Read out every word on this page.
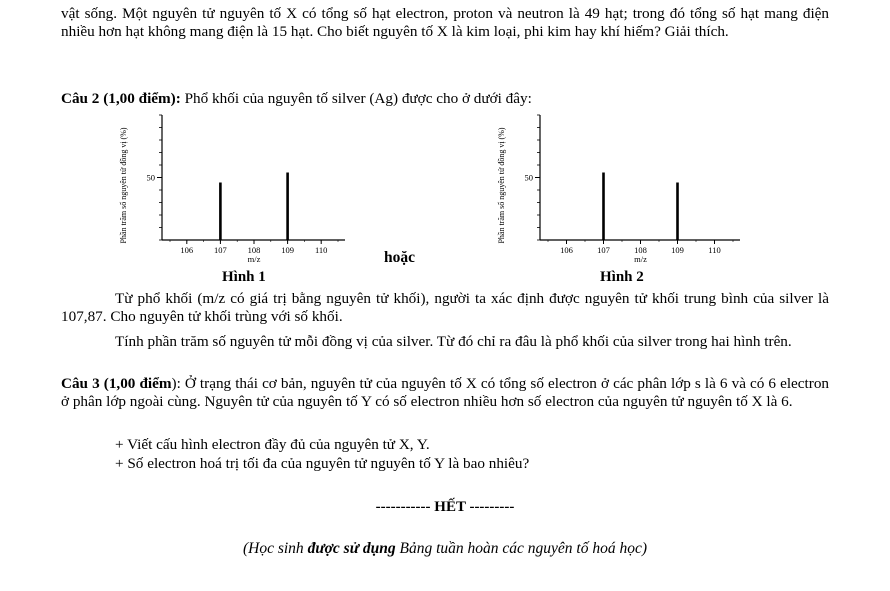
vật sống. Một nguyên tử nguyên tố X có tổng số hạt electron, proton và neutron là 49 hạt; trong đó tổng số hạt mang điện nhiều hơn hạt không mang điện là 15 hạt. Cho biết nguyên tố X là kim loại, phi kim hay khí hiếm? Giải thích.
Câu 2 (1,00 điểm): Phổ khối của nguyên tố silver (Ag) được cho ở dưới đây:
Phần trăm số nguyên tử đồng vị (%) 50
106 107 108 109 110
m/z
Hình 1
hoặc
Phần trăm số nguyên tử đồng vị (%) 50
106	107	108	109	110
m/z
Hình 2
Từ phổ khối (m/z có giá trị bằng nguyên tử khối), người ta xác định được nguyên tử khối trung bình của silver là 107,87. Cho nguyên tử khối trùng với số khối.
Tính phần trăm số nguyên tử mỗi đồng vị của silver. Từ đó chỉ ra đâu là phổ khối của silver trong hai hình trên.
Câu 3 (1,00 điểm): Ở trạng thái cơ bản, nguyên tử của nguyên tố X có tổng số electron ở các phân lớp s là 6 và có 6 electron ở phân lớp ngoài cùng. Nguyên tử của nguyên tố Y có số electron nhiều hơn số electron của nguyên tử nguyên tố X là 6.
+ Viết cấu hình electron đầy đủ của nguyên tử X, Y.
+ Số electron hoá trị tối đa của nguyên tử nguyên tố Y là bao nhiêu?
----------- HẾT ---------
(Học sinh được sử dụng Bảng tuần hoàn các nguyên tố hoá học)
